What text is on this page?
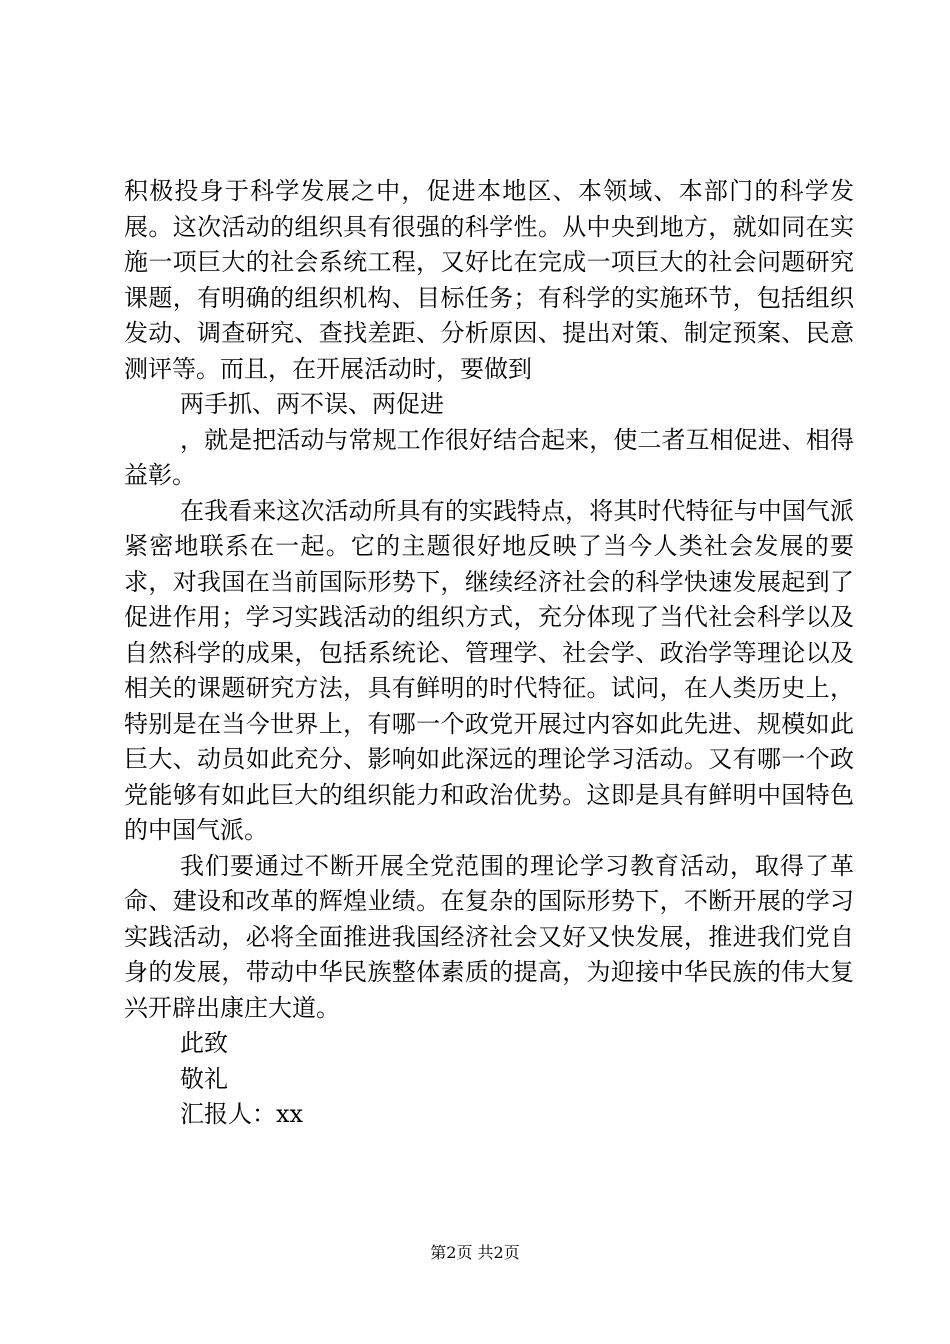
积极投身于科学发展之中，促进本地区、本领域、本部门的科学发展。这次活动的组织具有很强的科学性。从中央到地方，就如同在实施一项巨大的社会系统工程，又好比在完成一项巨大的社会问题研究课题，有明确的组织机构、目标任务；有科学的实施环节，包括组织发动、调查研究、查找差距、分析原因、提出对策、制定预案、民意测评等。而且，在开展活动时，要做到

两手抓、两不误、两促进

，就是把活动与常规工作很好结合起来，使二者互相促进、相得益彰。

在我看来这次活动所具有的实践特点，将其时代特征与中国气派紧密地联系在一起。它的主题很好地反映了当今人类社会发展的要求，对我国在当前国际形势下，继续经济社会的科学快速发展起到了促进作用；学习实践活动的组织方式，充分体现了当代社会科学以及自然科学的成果，包括系统论、管理学、社会学、政治学等理论以及相关的课题研究方法，具有鲜明的时代特征。试问，在人类历史上，特别是在当今世界上，有哪一个政党开展过内容如此先进、规模如此巨大、动员如此充分、影响如此深远的理论学习活动。又有哪一个政党能够有如此巨大的组织能力和政治优势。这即是具有鲜明中国特色的中国气派。

我们要通过不断开展全党范围的理论学习教育活动，取得了革命、建设和改革的辉煌业绩。在复杂的国际形势下，不断开展的学习实践活动，必将全面推进我国经济社会又好又快发展，推进我们党自身的发展，带动中华民族整体素质的提高，为迎接中华民族的伟大复兴开辟出康庄大道。

此致

敬礼

汇报人：xx

第2页 共2页
